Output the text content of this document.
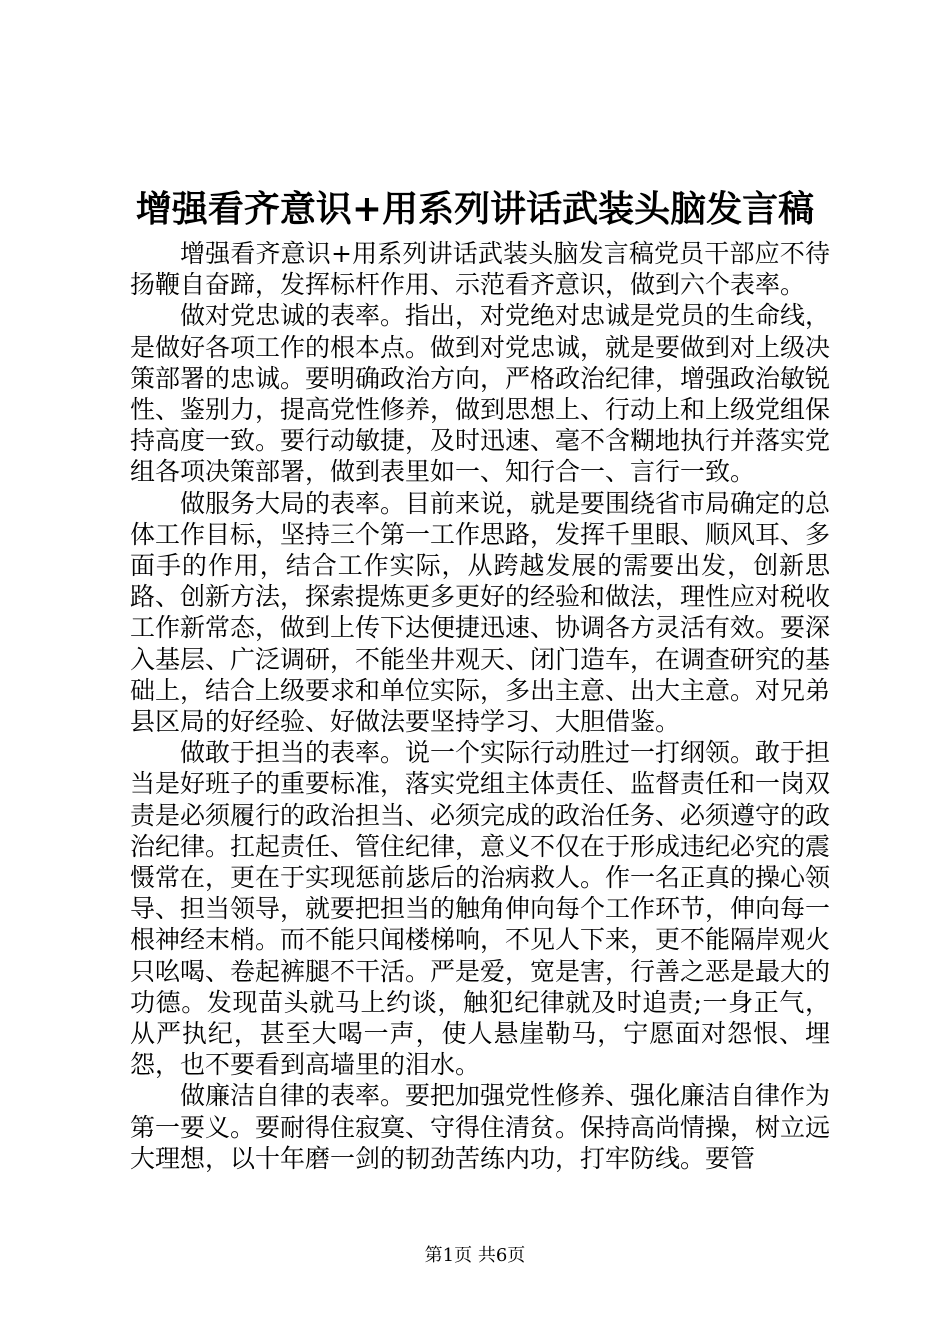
增强看齐意识+用系列讲话武装头脑发言稿

增强看齐意识+用系列讲话武装头脑发言稿党员干部应不待扬鞭自奋蹄，发挥标杆作用、示范看齐意识，做到六个表率。

做对党忠诚的表率。指出，对党绝对忠诚是党员的生命线，是做好各项工作的根本点。做到对党忠诚，就是要做到对上级决策部署的忠诚。要明确政治方向，严格政治纪律，增强政治敏锐性、鉴别力，提高党性修养，做到思想上、行动上和上级党组保持高度一致。要行动敏捷，及时迅速、毫不含糊地执行并落实党组各项决策部署，做到表里如一、知行合一、言行一致。

做服务大局的表率。目前来说，就是要围绕省市局确定的总体工作目标，坚持三个第一工作思路，发挥千里眼、顺风耳、多面手的作用，结合工作实际，从跨越发展的需要出发，创新思路、创新方法，探索提炼更多更好的经验和做法，理性应对税收工作新常态，做到上传下达便捷迅速、协调各方灵活有效。要深入基层、广泛调研，不能坐井观天、闭门造车，在调查研究的基础上，结合上级要求和单位实际，多出主意、出大主意。对兄弟县区局的好经验、好做法要坚持学习、大胆借鉴。

做敢于担当的表率。说一个实际行动胜过一打纲领。敢于担当是好班子的重要标准，落实党组主体责任、监督责任和一岗双责是必须履行的政治担当、必须完成的政治任务、必须遵守的政治纪律。扛起责任、管住纪律，意义不仅在于形成违纪必究的震慑常在，更在于实现惩前毖后的治病救人。作一名正真的操心领导、担当领导，就要把担当的触角伸向每个工作环节，伸向每一根神经末梢。而不能只闻楼梯响，不见人下来，更不能隔岸观火只吆喝、卷起裤腿不干活。严是爱，宽是害，行善之恶是最大的功德。发现苗头就马上约谈，触犯纪律就及时追责;一身正气，从严执纪，甚至大喝一声，使人悬崖勒马，宁愿面对怨恨、埋怨，也不要看到高墙里的泪水。

做廉洁自律的表率。要把加强党性修养、强化廉洁自律作为第一要义。要耐得住寂寞、守得住清贫。保持高尚情操，树立远大理想，以十年磨一剑的韧劲苦练内功，打牢防线。要管

第1页 共6页
